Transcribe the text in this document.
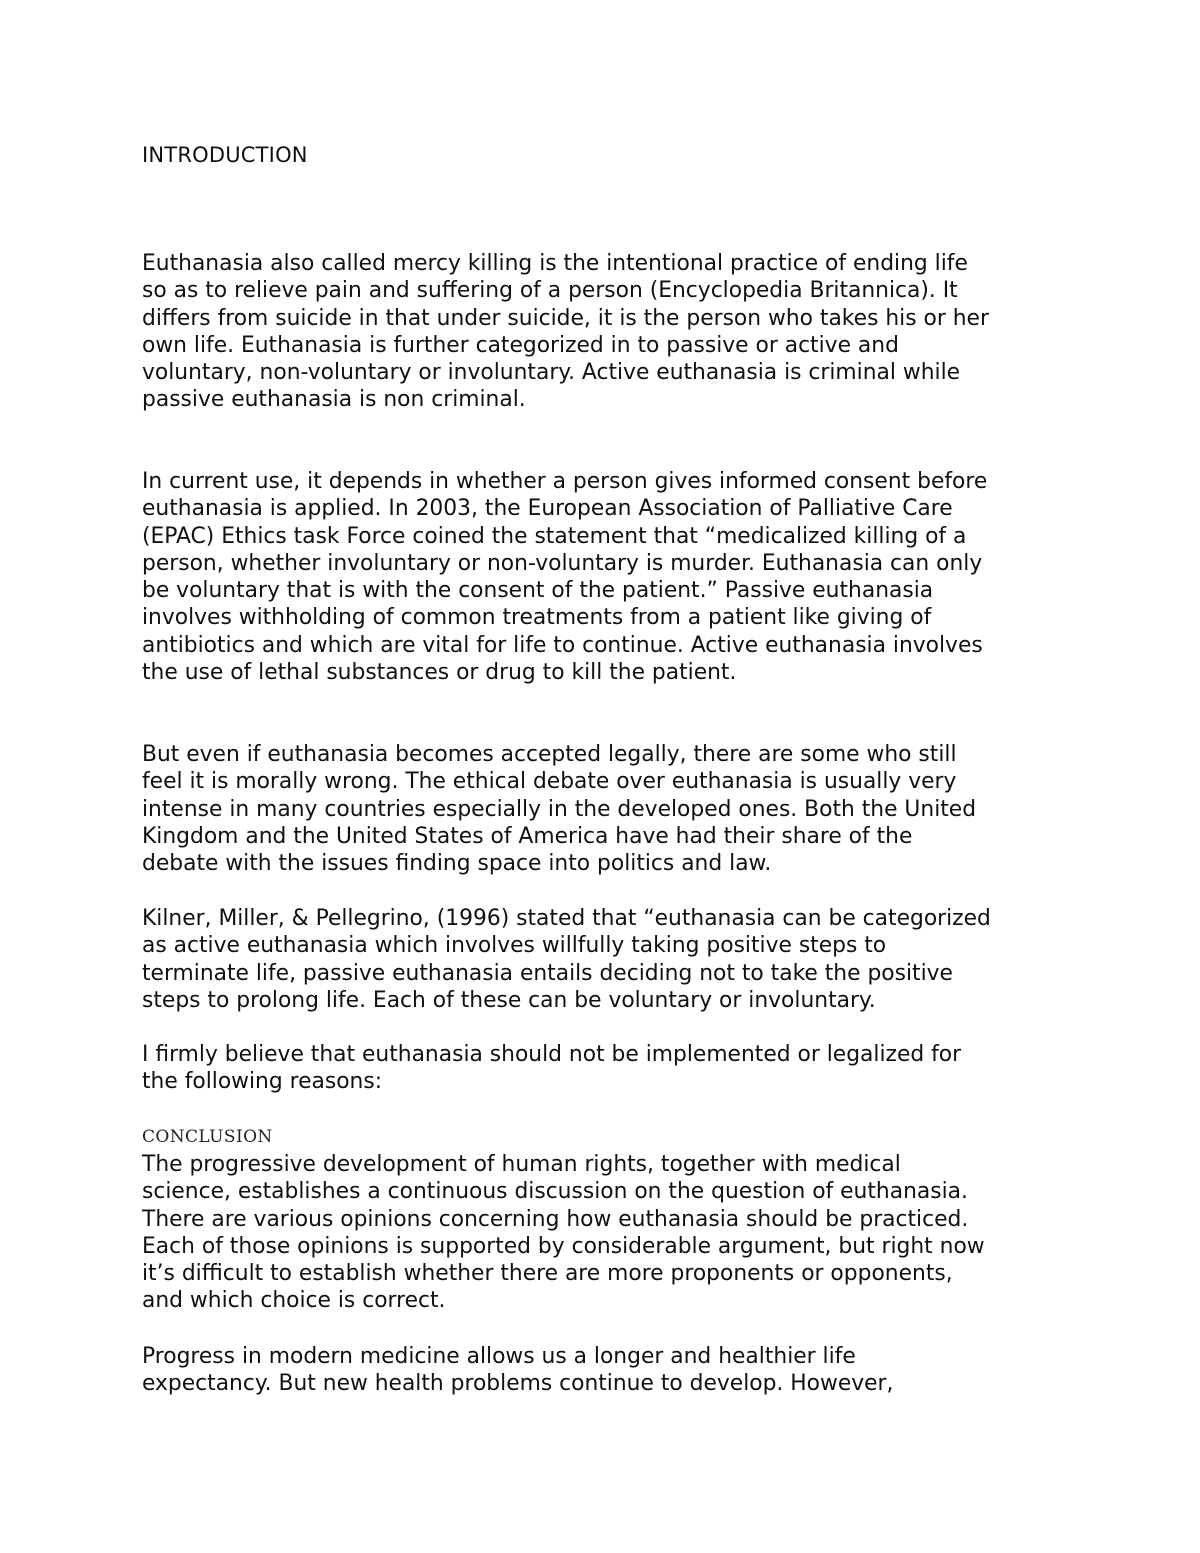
INTRODUCTION

Euthanasia also called mercy killing is the intentional practice of ending life
so as to relieve pain and suffering of a person (Encyclopedia Britannica). It
differs from suicide in that under suicide, it is the person who takes his or her
own life. Euthanasia is further categorized in to passive or active and
voluntary, non-voluntary or involuntary. Active euthanasia is criminal while
passive euthanasia is non criminal.

In current use, it depends in whether a person gives informed consent before
euthanasia is applied. In 2003, the European Association of Palliative Care
(EPAC) Ethics task Force coined the statement that “medicalized killing of a
person, whether involuntary or non-voluntary is murder. Euthanasia can only
be voluntary that is with the consent of the patient.” Passive euthanasia
involves withholding of common treatments from a patient like giving of
antibiotics and which are vital for life to continue. Active euthanasia involves
the use of lethal substances or drug to kill the patient.

But even if euthanasia becomes accepted legally, there are some who still
feel it is morally wrong. The ethical debate over euthanasia is usually very
intense in many countries especially in the developed ones. Both the United
Kingdom and the United States of America have had their share of the
debate with the issues finding space into politics and law.

Kilner, Miller, & Pellegrino, (1996) stated that “euthanasia can be categorized
as active euthanasia which involves willfully taking positive steps to
terminate life, passive euthanasia entails deciding not to take the positive
steps to prolong life. Each of these can be voluntary or involuntary.

I firmly believe that euthanasia should not be implemented or legalized for
the following reasons:

CONCLUSION

The progressive development of human rights, together with medical
science, establishes a continuous discussion on the question of euthanasia.
There are various opinions concerning how euthanasia should be practiced.
Each of those opinions is supported by considerable argument, but right now
it’s difficult to establish whether there are more proponents or opponents,
and which choice is correct.

Progress in modern medicine allows us a longer and healthier life
expectancy. But new health problems continue to develop. However,
